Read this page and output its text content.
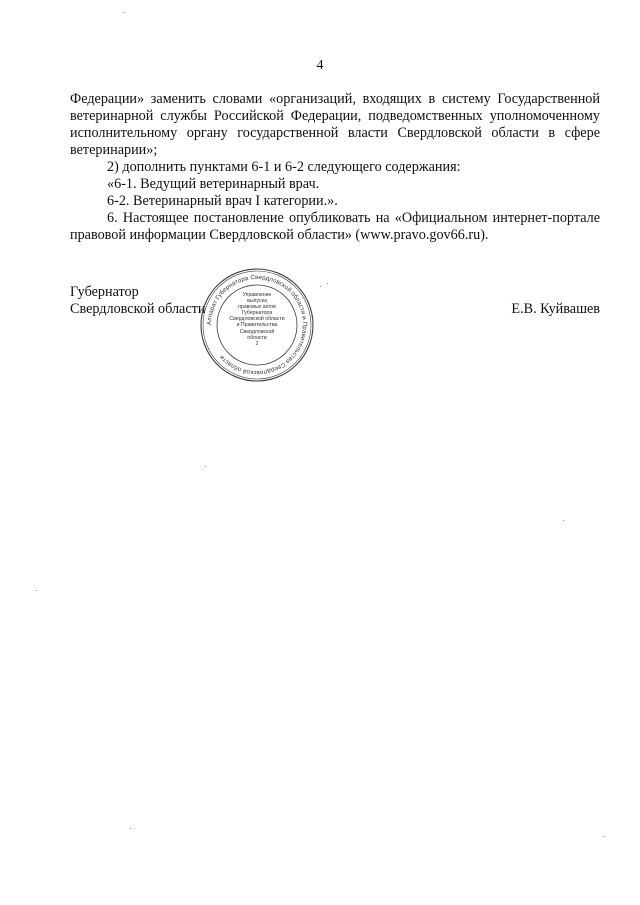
4

Федерации» заменить словами «организаций, входящих в систему Государственной ветеринарной службы Российской Федерации, подведомственных уполномоченному исполнительному органу государственной власти Свердловской области в сфере ветеринарии»;

2) дополнить пунктами 6-1 и 6-2 следующего содержания:

«6-1. Ведущий ветеринарный врач.

6-2. Ветеринарный врач I категории.».

6. Настоящее постановление опубликовать на «Официальном интернет-портале правовой информации Свердловской области» (www.pravo.gov66.ru).

Губернатор
Свердловской области	Е.В. Куйвашев
Аппарат Губернатора Свердловской области и Правительства Свердловской области
Управление
выпуска
правовых актов
Губернатора
Свердловской области
и Правительства
Свердловской
области
2
